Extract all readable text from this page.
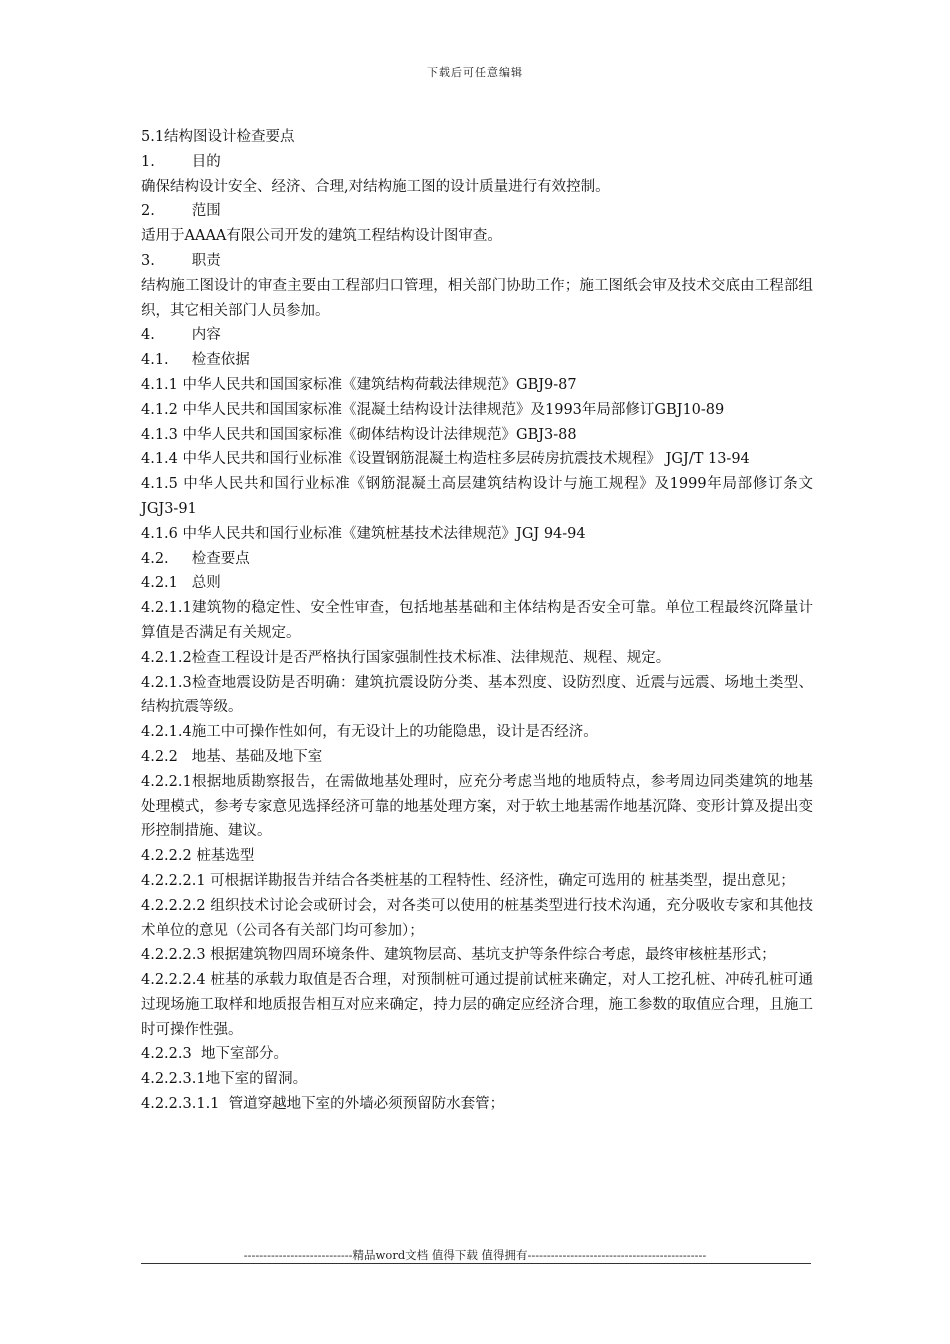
下载后可任意编辑

5.1结构图设计检查要点

1.        目的

确保结构设计安全、经济、合理,对结构施工图的设计质量进行有效控制。

2.        范围

适用于AAAA有限公司开发的建筑工程结构设计图审查。

3.        职责

结构施工图设计的审查主要由工程部归口管理，相关部门协助工作；施工图纸会审及技术交底由工程部组织，其它相关部门人员参加。

4.        内容

4.1.     检查依据

4.1.1 中华人民共和国国家标准《建筑结构荷载法律规范》GBJ9-87

4.1.2 中华人民共和国国家标准《混凝土结构设计法律规范》及1993年局部修订GBJ10-89

4.1.3 中华人民共和国国家标准《砌体结构设计法律规范》GBJ3-88

4.1.4 中华人民共和国行业标准《设置钢筋混凝土构造柱多层砖房抗震技术规程》 JGJ/T 13-94

4.1.5 中华人民共和国行业标准《钢筋混凝土高层建筑结构设计与施工规程》及1999年局部修订条文JGJ3-91

4.1.6 中华人民共和国行业标准《建筑桩基技术法律规范》JGJ 94-94

4.2.     检查要点

4.2.1   总则

4.2.1.1建筑物的稳定性、安全性审查，包括地基基础和主体结构是否安全可靠。单位工程最终沉降量计算值是否满足有关规定。

4.2.1.2检查工程设计是否严格执行国家强制性技术标准、法律规范、规程、规定。

4.2.1.3检查地震设防是否明确：建筑抗震设防分类、基本烈度、设防烈度、近震与远震、场地土类型、结构抗震等级。

4.2.1.4施工中可操作性如何，有无设计上的功能隐患，设计是否经济。

4.2.2   地基、基础及地下室

4.2.2.1根据地质勘察报告，在需做地基处理时，应充分考虑当地的地质特点，参考周边同类建筑的地基处理模式，参考专家意见选择经济可靠的地基处理方案，对于软土地基需作地基沉降、变形计算及提出变形控制措施、建议。

4.2.2.2 桩基选型

4.2.2.2.1 可根据详勘报告并结合各类桩基的工程特性、经济性，确定可选用的 桩基类型，提出意见；

4.2.2.2.2 组织技术讨论会或研讨会，对各类可以使用的桩基类型进行技术沟通，充分吸收专家和其他技术单位的意见（公司各有关部门均可参加）；

4.2.2.2.3 根据建筑物四周环境条件、建筑物层高、基坑支护等条件综合考虑，最终审核桩基形式；

4.2.2.2.4 桩基的承载力取值是否合理，对预制桩可通过提前试桩来确定，对人工挖孔桩、冲砖孔桩可通过现场施工取样和地质报告相互对应来确定，持力层的确定应经济合理，施工参数的取值应合理，且施工时可操作性强。

4.2.2.3  地下室部分。

4.2.2.3.1地下室的留洞。

4.2.2.3.1.1  管道穿越地下室的外墙必须预留防水套管；

----------------------------精品word文档 值得下载 值得拥有----------------------------------------------
